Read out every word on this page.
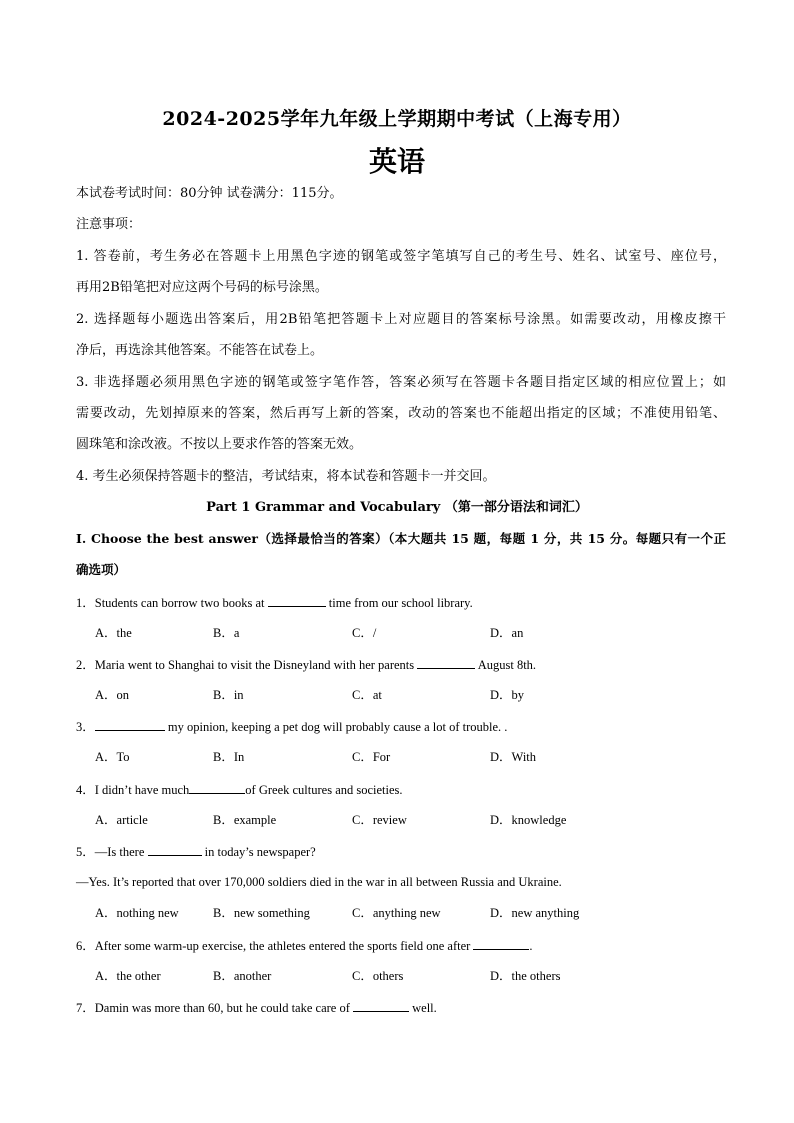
2024-2025学年九年级上学期期中考试（上海专用）
英语
本试卷考试时间：80分钟 试卷满分：115分。
注意事项：
1. 答卷前，考生务必在答题卡上用黑色字迹的钢笔或签字笔填写自己的考生号、姓名、试室号、座位号，
再用2B铅笔把对应这两个号码的标号涂黑。
2. 选择题每小题选出答案后，用2B铅笔把答题卡上对应题目的答案标号涂黑。如需要改动，用橡皮擦干
净后，再选涂其他答案。不能答在试卷上。
3. 非选择题必须用黑色字迹的钢笔或签字笔作答，答案必须写在答题卡各题目指定区域的相应位置上；如
需要改动，先划掉原来的答案，然后再写上新的答案，改动的答案也不能超出指定的区域；不准使用铅笔、
圆珠笔和涂改液。不按以上要求作答的答案无效。
4. 考生必须保持答题卡的整洁，考试结束，将本试卷和答题卡一并交回。
Part 1 Grammar and Vocabulary （第一部分语法和词汇）
I. Choose the best answer（选择最恰当的答案）（本大题共 15 题，每题 1 分，共 15 分。每题只有一个正
确选项）
1．Students can borrow two books at	time from our school library.
A．the	B．a	C．/	D．an
2．Maria went to Shanghai to visit the Disneyland with her parents	August 8th.
A．on	B．in	C．at	D．by
3．	my opinion, keeping a pet dog will probably cause a lot of trouble. .
A．To	B．In	C．For	D．With
4．I didn’t have much	of Greek cultures and societies.
A．article	B．example	C．review	D．knowledge
5．—Is there	in today’s newspaper?
—Yes. It’s reported that over 170,000 soldiers died in the war in all between Russia and Ukraine.
A．nothing new	B．new something	C．anything new	D．new anything
6．After some warm-up exercise, the athletes entered the sports field one after	.
A．the other	B．another	C．others	D．the others
7．Damin was more than 60, but he could take care of	well.
